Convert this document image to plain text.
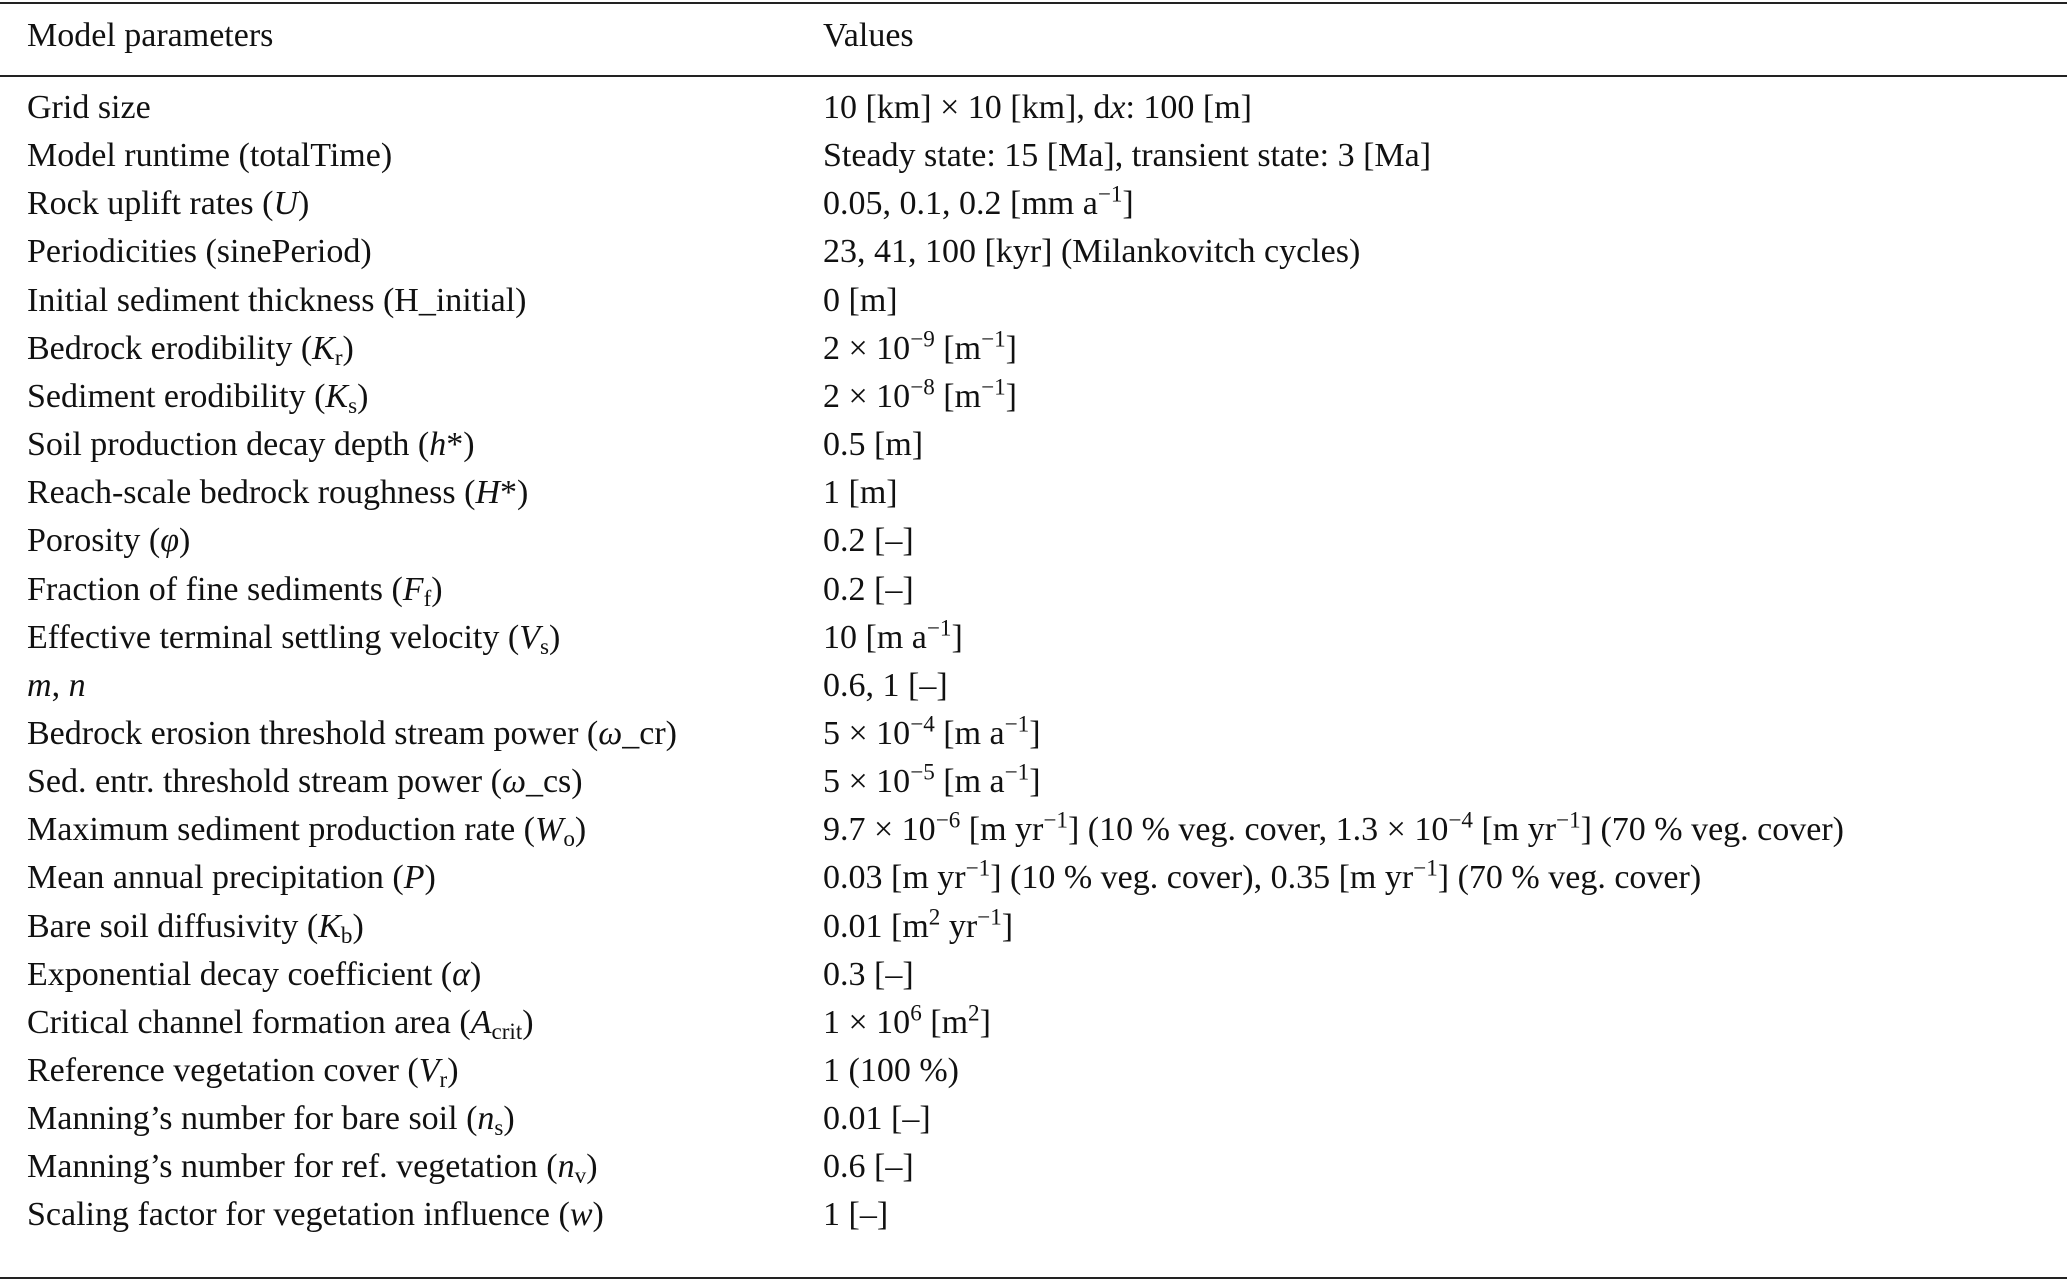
Model parameters	Values
Grid size	10 [km] × 10 [km], dx: 100 [m]
Model runtime (totalTime)	Steady state: 15 [Ma], transient state: 3 [Ma]
Rock uplift rates (U)	0.05, 0.1, 0.2 [mm $a^{-1}$]
Periodicities (sinePeriod)	23, 41, 100 [kyr] (Milankovitch cycles)
Initial sediment thickness (H_initial)	0 [m]
Bedrock erodibility $(K_r)$	$2 \times 10^{-9}$ $[m^{-1}]$
Sediment erodibility $(K_s)$	$2 \times 10^{-8}$ $[m^{-1}]$
Soil production decay depth (h*)	0.5 [m]
Reach-scale bedrock roughness (H*)	1 [m]
Porosity (φ)	0.2 [–]
Fraction of fine sediments $(F_f)$	0.2 [–]
Effective terminal settling velocity $(V_s)$	10 [m $a^{-1}$]
m, n	0.6, 1 [–]
Bedrock erosion threshold stream power (ω_cr)	$5 \times 10^{-4}$ [m $a^{-1}$]
Sed. entr. threshold stream power (ω_cs)	$5 \times 10^{-5}$ [m $a^{-1}$]
Maximum sediment production rate $(W_o)$	$9.7 \times 10^{-6}$ [m $yr^{-1}$] (10 % veg. cover, $1.3 \times 10^{-4}$ [m $yr^{-1}$] (70 % veg. cover)
Mean annual precipitation (P)	0.03 [m $yr^{-1}$] (10 % veg. cover), 0.35 [m $yr^{-1}$] (70 % veg. cover)
Bare soil diffusivity $(K_b)$	0.01 [$m^2$ $yr^{-1}$]
Exponential decay coefficient (α)	0.3 [–]
Critical channel formation area $(A_{crit})$	$1 \times 10^6$ $[m^2]$
Reference vegetation cover $(V_r)$	1 (100 %)
Manning’s number for bare soil $(n_s)$	0.01 [–]
Manning’s number for ref. vegetation $(n_v)$	0.6 [–]
Scaling factor for vegetation influence (w)	1 [–]
